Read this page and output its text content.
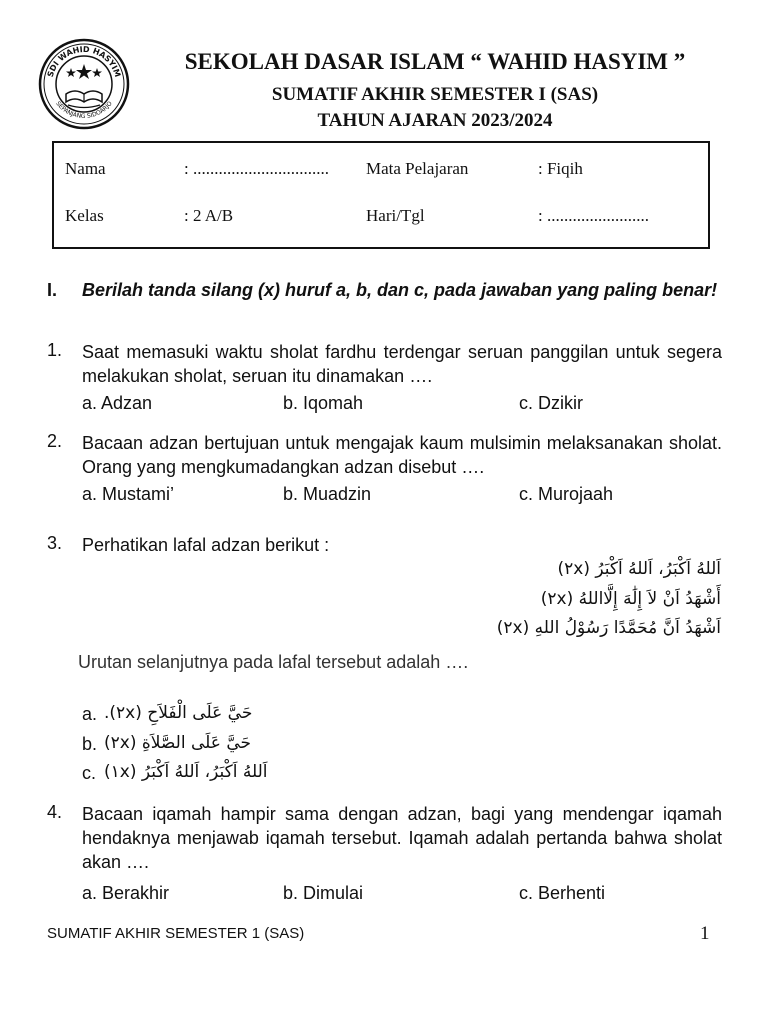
SDI WAHID HASYIM
SEPANJANG SIDOARJO
SEKOLAH DASAR ISLAM “ WAHID HASYIM ”
SUMATIF AKHIR SEMESTER I (SAS)
TAHUN AJARAN 2023/2024
Nama	: ................................ Mata Pelajaran	: Fiqih
Kelas	: 2 A/B	Hari/Tgl	: ........................
I. Berilah tanda silang (x) huruf a, b, dan c, pada jawaban yang paling benar!
1. Saat memasuki waktu sholat fardhu terdengar seruan panggilan untuk segera melakukan sholat, seruan itu dinamakan ….
a. Adzan	b. Iqomah	c. Dzikir
2. Bacaan adzan bertujuan untuk mengajak kaum mulsimin melaksanakan sholat. Orang yang mengkumadangkan adzan disebut ….
a. Mustami’	b. Muadzin	c. Murojaah
3. Perhatikan lafal adzan berikut :
اَللهُ اَكْبَرُ، اَللهُ اَكْبَرُ (٢x)
أَشْهَدُ اَنْ لاَ إِلَٰهَ إِلَّااللهُ (٢x)
اَشْهَدُ اَنَّ مُحَمَّدًا رَسُوْلُ اللهِ (٢x)
Urutan selanjutnya pada lafal tersebut adalah ….
a. حَيَّ عَلَى الْفَلاَحِ (٢x).
b. حَيَّ عَلَى الصَّلاَةِ (٢x)
c. اَللهُ اَكْبَرُ، اَللهُ اَكْبَرُ (١x)
4. Bacaan iqamah hampir sama dengan adzan, bagi yang mendengar iqamah hendaknya menjawab iqamah tersebut. Iqamah adalah pertanda bahwa sholat akan ….
a. Berakhir	b. Dimulai	c. Berhenti
SUMATIF AKHIR SEMESTER 1 (SAS)	1
